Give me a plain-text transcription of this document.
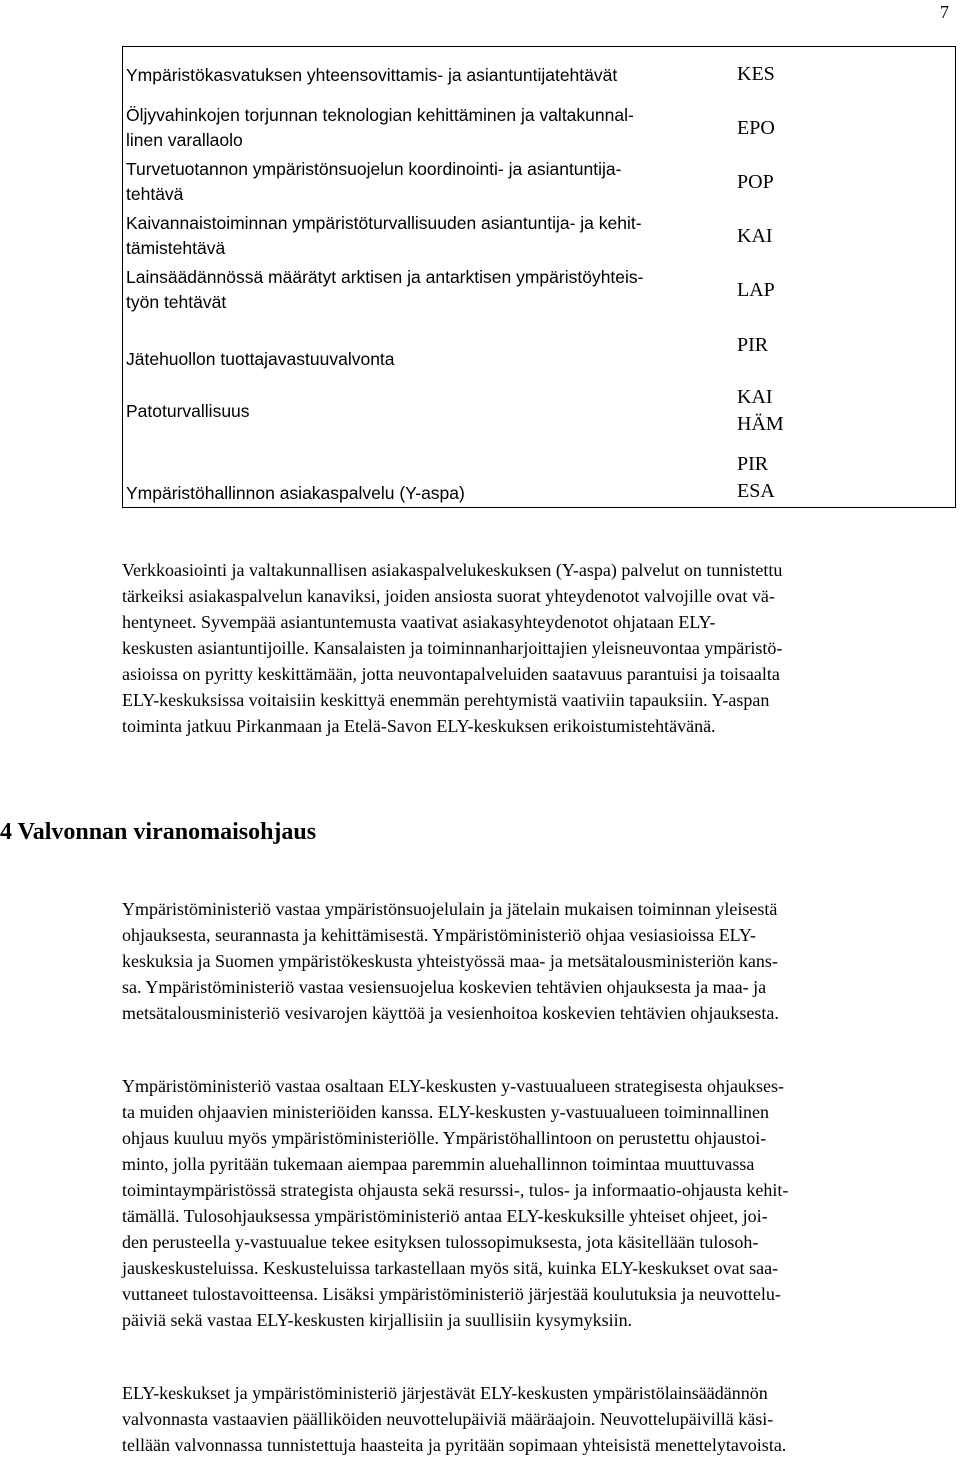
7
Ympäristökasvatuksen yhteensovittamis- ja asiantuntijatehtävät	KES
Öljyvahinkojen torjunnan teknologian kehittäminen ja valtakunnal-
linen varallaolo
EPO
Turvetuotannon ympäristönsuojelun koordinointi- ja asiantuntija-
tehtävä
POP
Kaivannaistoiminnan ympäristöturvallisuuden asiantuntija- ja kehit-
tämistehtävä
KAI
Lainsäädännössä määrätyt arktisen ja antarktisen ympäristöyhteis-
työn tehtävät
LAP
Jätehuollon tuottajavastuuvalvonta
PIR
Patoturvallisuus
KAI
HÄM
Ympäristöhallinnon asiakaspalvelu (Y-aspa)
PIR
ESA
Verkkoasiointi ja valtakunnallisen asiakaspalvelukeskuksen (Y-aspa) palvelut on tunnistettu
tärkeiksi asiakaspalvelun kanaviksi, joiden ansiosta suorat yhteydenotot valvojille ovat vä-
hentyneet. Syvempää asiantuntemusta vaativat asiakasyhteydenotot ohjataan ELY-
keskusten asiantuntijoille. Kansalaisten ja toiminnanharjoittajien yleisneuvontaa ympäristö-
asioissa on pyritty keskittämään, jotta neuvontapalveluiden saatavuus parantuisi ja toisaalta
ELY-keskuksissa voitaisiin keskittyä enemmän perehtymistä vaativiin tapauksiin. Y-aspan
toiminta jatkuu Pirkanmaan ja Etelä-Savon ELY-keskuksen erikoistumistehtävänä.
4 Valvonnan viranomaisohjaus
Ympäristöministeriö vastaa ympäristönsuojelulain ja jätelain mukaisen toiminnan yleisestä
ohjauksesta, seurannasta ja kehittämisestä. Ympäristöministeriö ohjaa vesiasioissa ELY-
keskuksia ja Suomen ympäristökeskusta yhteistyössä maa- ja metsätalousministeriön kans-
sa. Ympäristöministeriö vastaa vesiensuojelua koskevien tehtävien ohjauksesta ja maa- ja
metsätalousministeriö vesivarojen käyttöä ja vesienhoitoa koskevien tehtävien ohjauksesta.
Ympäristöministeriö vastaa osaltaan ELY-keskusten y-vastuualueen strategisesta ohjaukses-
ta muiden ohjaavien ministeriöiden kanssa. ELY-keskusten y-vastuualueen toiminnallinen
ohjaus kuuluu myös ympäristöministeriölle. Ympäristöhallintoon on perustettu ohjaustoi-
minto, jolla pyritään tukemaan aiempaa paremmin aluehallinnon toimintaa muuttuvassa
toimintaympäristössä strategista ohjausta sekä resurssi-, tulos- ja informaatio-ohjausta kehit-
tämällä. Tulosohjauksessa ympäristöministeriö antaa ELY-keskuksille yhteiset ohjeet, joi-
den perusteella y-vastuualue tekee esityksen tulossopimuksesta, jota käsitellään tulosoh-
jauskeskusteluissa. Keskusteluissa tarkastellaan myös sitä, kuinka ELY-keskukset ovat saa-
vuttaneet tulostavoitteensa. Lisäksi ympäristöministeriö järjestää koulutuksia ja neuvottelu-
päiviä sekä vastaa ELY-keskusten kirjallisiin ja suullisiin kysymyksiin.
ELY-keskukset ja ympäristöministeriö järjestävät ELY-keskusten ympäristölainsäädännön
valvonnasta vastaavien päälliköiden neuvottelupäiviä määräajoin. Neuvottelupäivillä käsi-
tellään valvonnassa tunnistettuja haasteita ja pyritään sopimaan yhteisistä menettelytavoista.
